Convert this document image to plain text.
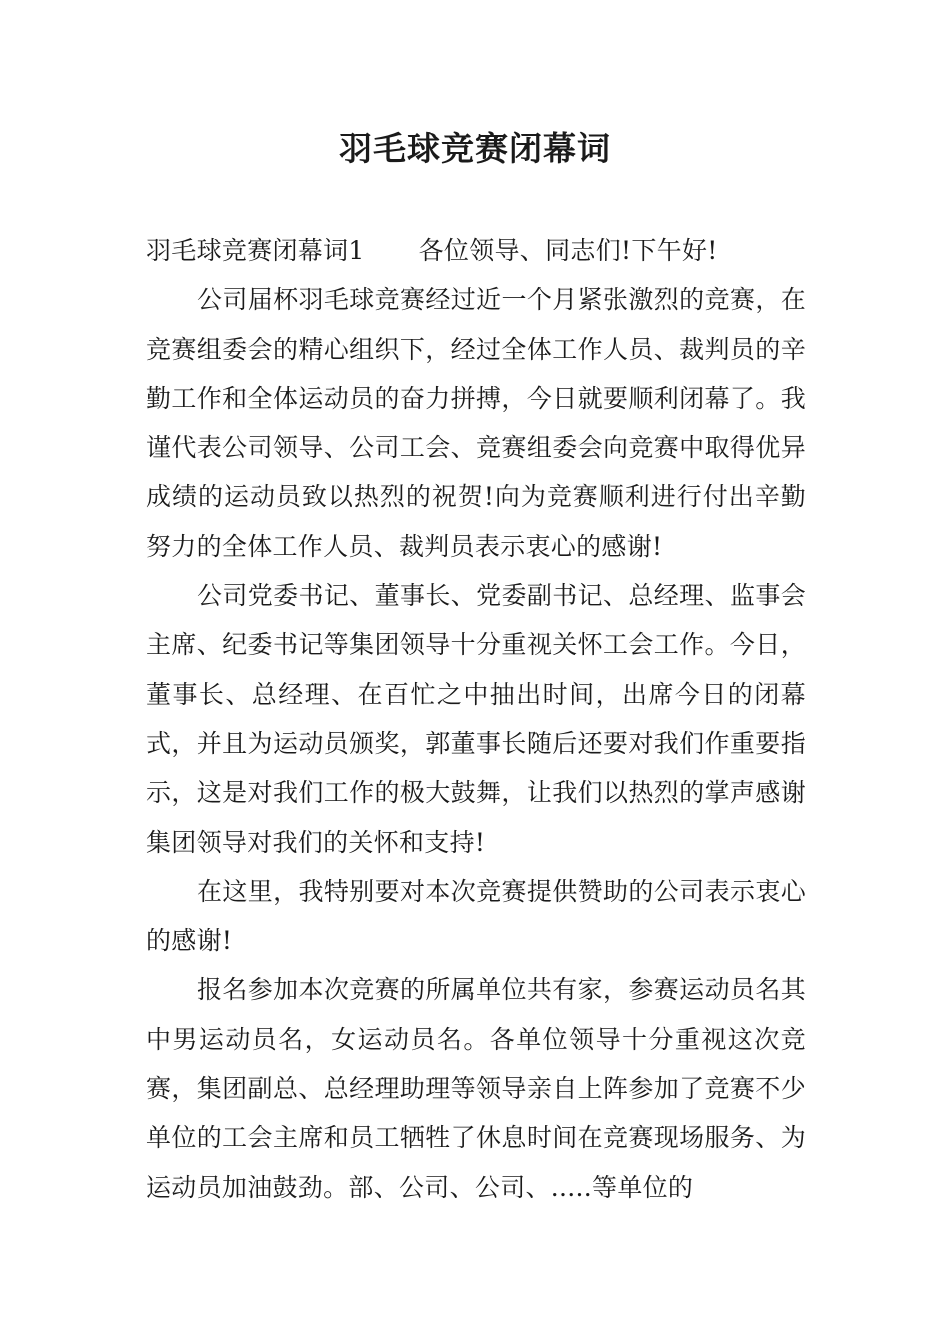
羽毛球竞赛闭幕词

羽毛球竞赛闭幕词1 各位领导、同志们!下午好!

公司届杯羽毛球竞赛经过近一个月紧张激烈的竞赛，在竞赛组委会的精心组织下，经过全体工作人员、裁判员的辛勤工作和全体运动员的奋力拼搏，今日就要顺利闭幕了。我谨代表公司领导、公司工会、竞赛组委会向竞赛中取得优异成绩的运动员致以热烈的祝贺!向为竞赛顺利进行付出辛勤努力的全体工作人员、裁判员表示衷心的感谢!

公司党委书记、董事长、党委副书记、总经理、监事会主席、纪委书记等集团领导十分重视关怀工会工作。今日，董事长、总经理、在百忙之中抽出时间，出席今日的闭幕式，并且为运动员颁奖，郭董事长随后还要对我们作重要指示，这是对我们工作的极大鼓舞，让我们以热烈的掌声感谢集团领导对我们的关怀和支持!

在这里，我特别要对本次竞赛提供赞助的公司表示衷心的感谢!

报名参加本次竞赛的所属单位共有家，参赛运动员名其中男运动员名，女运动员名。各单位领导十分重视这次竞赛，集团副总、总经理助理等领导亲自上阵参加了竞赛不少单位的工会主席和员工牺牲了休息时间在竞赛现场服务、为运动员加油鼓劲。部、公司、公司、.....等单位的
